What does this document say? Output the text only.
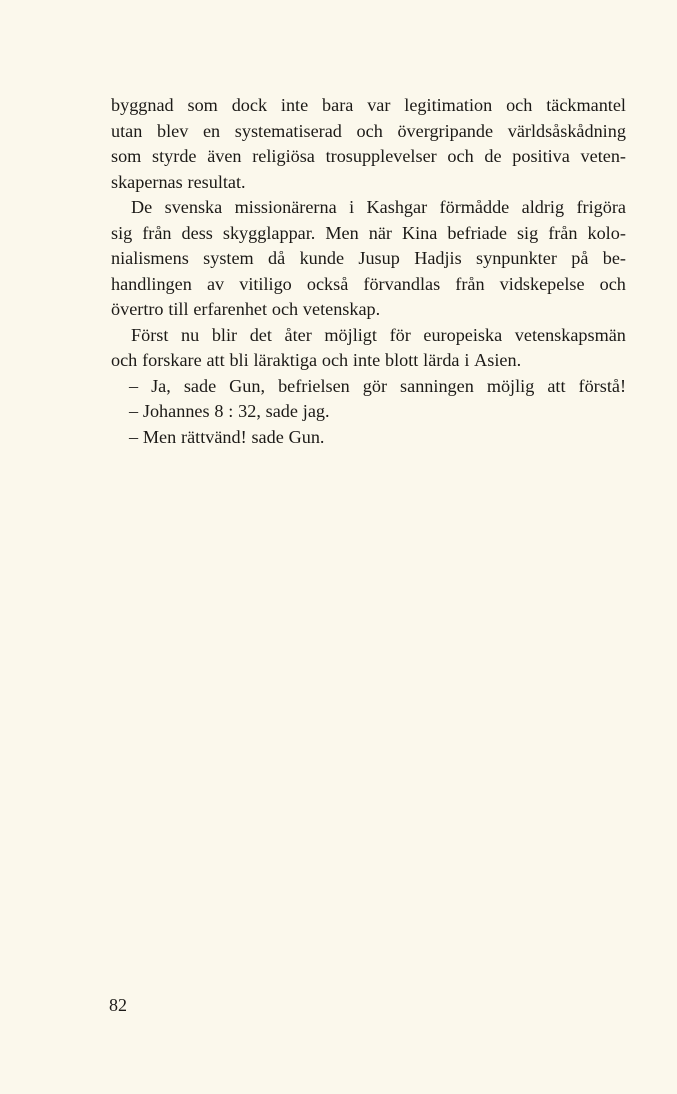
byggnad som dock inte bara var legitimation och täckmantel
utan blev en systematiserad och övergripande världsåskådning
som styrde även religiösa trosupplevelser och de positiva veten-
skapernas resultat.
De svenska missionärerna i Kashgar förmådde aldrig frigöra
sig från dess skygglappar. Men när Kina befriade sig från kolo-
nialismens system då kunde Jusup Hadjis synpunkter på be-
handlingen av vitiligo också förvandlas från vidskepelse och
övertro till erfarenhet och vetenskap.
Först nu blir det åter möjligt för europeiska vetenskapsmän
och forskare att bli läraktiga och inte blott lärda i Asien.
– Ja, sade Gun, befrielsen gör sanningen möjlig att förstå!
– Johannes 8 : 32, sade jag.
– Men rättvänd! sade Gun.
82
